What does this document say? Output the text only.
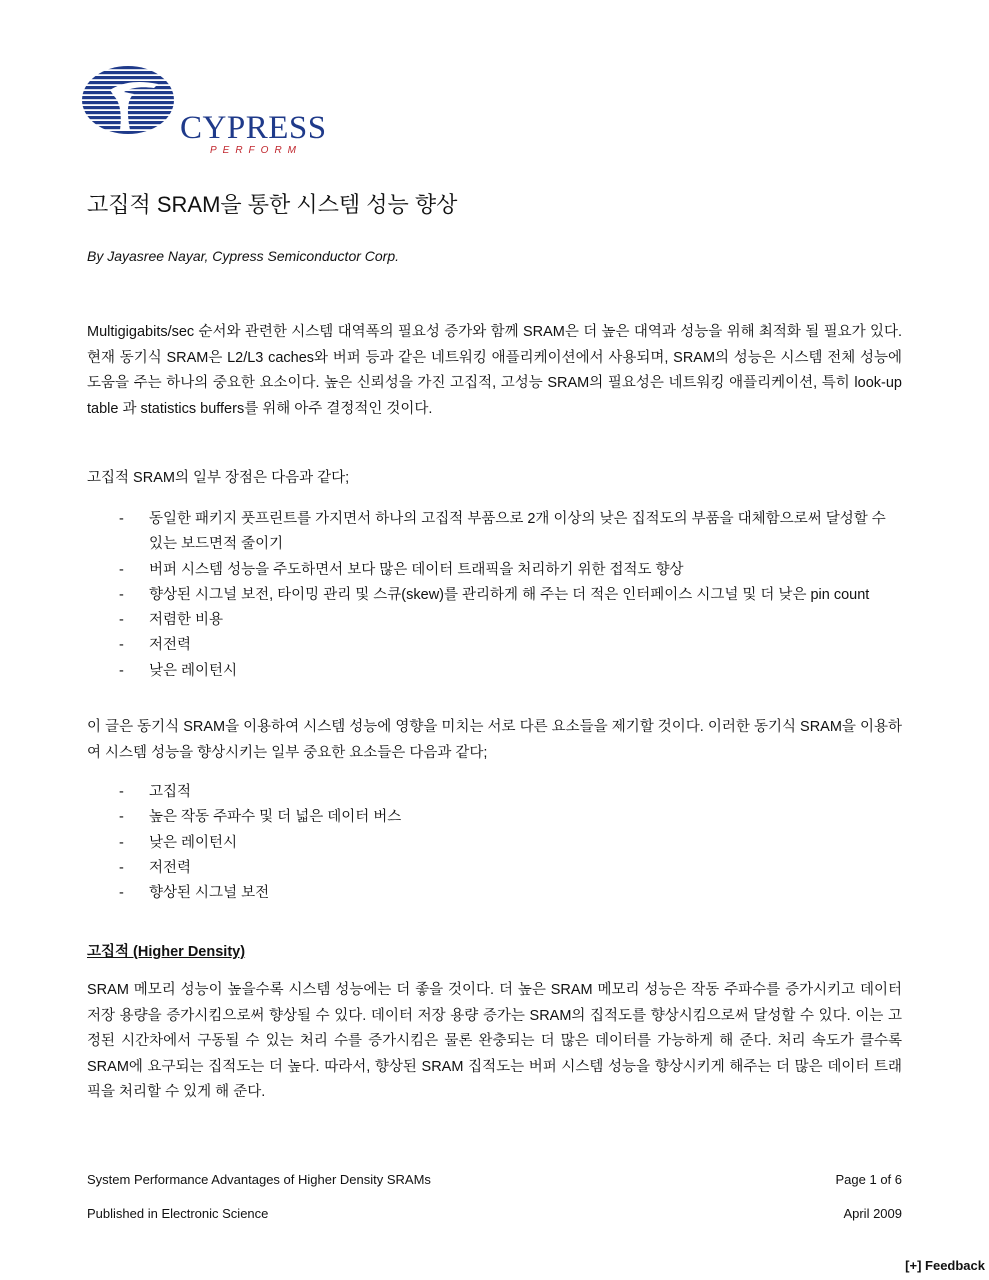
CYPRESS
PERFORM
고집적 SRAM을 통한 시스템 성능 향상
By Jayasree Nayar, Cypress Semiconductor Corp.

Multigigabits/sec 순서와 관련한 시스템 대역폭의 필요성 증가와 함께 SRAM은 더 높은 대역과 성능을 위해 최적화 될 필요가 있다. 현재 동기식 SRAM은 L2/L3 caches와 버퍼 등과 같은 네트워킹 애플리케이션에서 사용되며, SRAM의 성능은 시스템 전체 성능에 도움을 주는 하나의 중요한 요소이다. 높은 신뢰성을 가진 고집적, 고성능 SRAM의 필요성은 네트워킹 애플리케이션, 특히 look-up table 과 statistics buffers를 위해 아주 결정적인 것이다.

고집적 SRAM의 일부 장점은 다음과 같다;

- 동일한 패키지 풋프린트를 가지면서 하나의 고집적 부품으로 2개 이상의 낮은 집적도의 부품을 대체함으로써 달성할 수 있는 보드면적 줄이기
- 버퍼 시스템 성능을 주도하면서 보다 많은 데이터 트래픽을 처리하기 위한 접적도 향상
- 향상된 시그널 보전, 타이밍 관리 및 스큐(skew)를 관리하게 해 주는 더 적은 인터페이스 시그널 및 더 낮은 pin count
- 저렴한 비용
- 저전력
- 낮은 레이턴시

이 글은 동기식 SRAM을 이용하여 시스템 성능에 영향을 미치는 서로 다른 요소들을 제기할 것이다. 이러한 동기식 SRAM을 이용하여 시스템 성능을 향상시키는 일부 중요한 요소들은 다음과 같다;

- 고집적
- 높은 작동 주파수 및 더 넓은 데이터 버스
- 낮은 레이턴시
- 저전력
- 향상된 시그널 보전
고집적 (Higher Density)

SRAM 메모리 성능이 높을수록 시스템 성능에는 더 좋을 것이다. 더 높은 SRAM 메모리 성능은 작동 주파수를 증가시키고 데이터 저장 용량을 증가시킴으로써 향상될 수 있다. 데이터 저장 용량 증가는 SRAM의 집적도를 향상시킴으로써 달성할 수 있다. 이는 고정된 시간차에서 구동될 수 있는 처리 수를 증가시킴은 물론 완충되는 더 많은 데이터를 가능하게 해 준다. 처리 속도가 클수록 SRAM에 요구되는 집적도는 더 높다. 따라서, 향상된 SRAM 집적도는 버퍼 시스템 성능을 향상시키게 해주는 더 많은 데이터 트래픽을 처리할 수 있게 해 준다.

System Performance Advantages of Higher Density SRAMs	Page 1 of 6
Published in Electronic Science	April 2009
[+] Feedback
